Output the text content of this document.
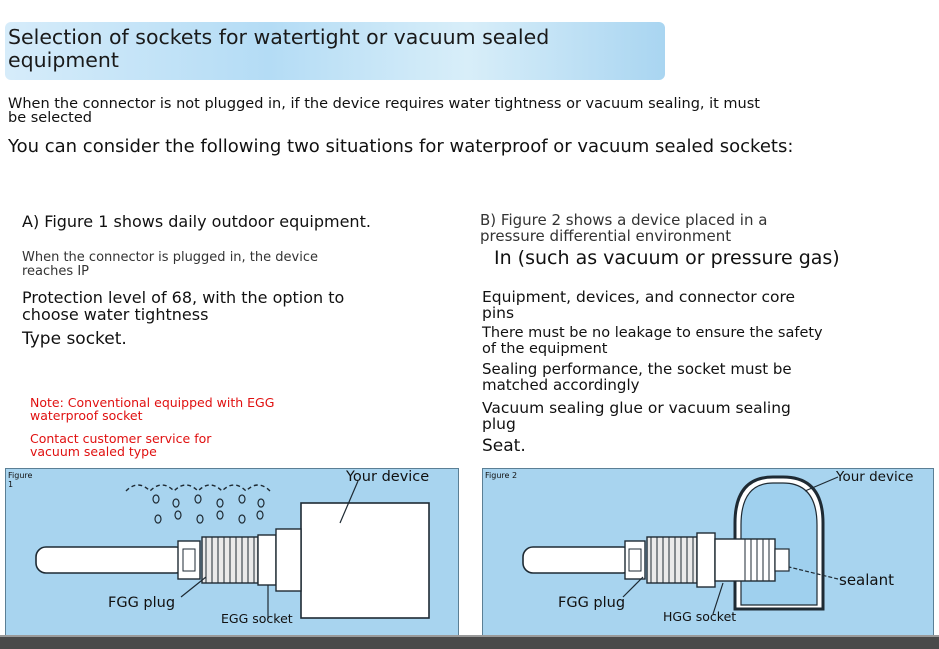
Selection of sockets for watertight or vacuum sealed
equipment
When the connector is not plugged in, if the device requires water tightness or vacuum sealing, it must
be selected
You can consider the following two situations for waterproof or vacuum sealed sockets:
A) Figure 1 shows daily outdoor equipment.
When the connector is plugged in, the device
reaches IP
Protection level of 68, with the option to
choose water tightness
Type socket.
Note: Conventional equipped with EGG
waterproof socket
Contact customer service for
vacuum sealed type
B) Figure 2 shows a device placed in a
pressure differential environment
In (such as vacuum or pressure gas)
Equipment, devices, and connector core
pins
There must be no leakage to ensure the safety
of the equipment
Sealing performance, the socket must be
matched accordingly
Vacuum sealing glue or vacuum sealing
plug
Seat.
Figure
1	Your device
FGG plug
EGG socket
Figure 2	Your device
sealant
FGG plug
HGG socket
